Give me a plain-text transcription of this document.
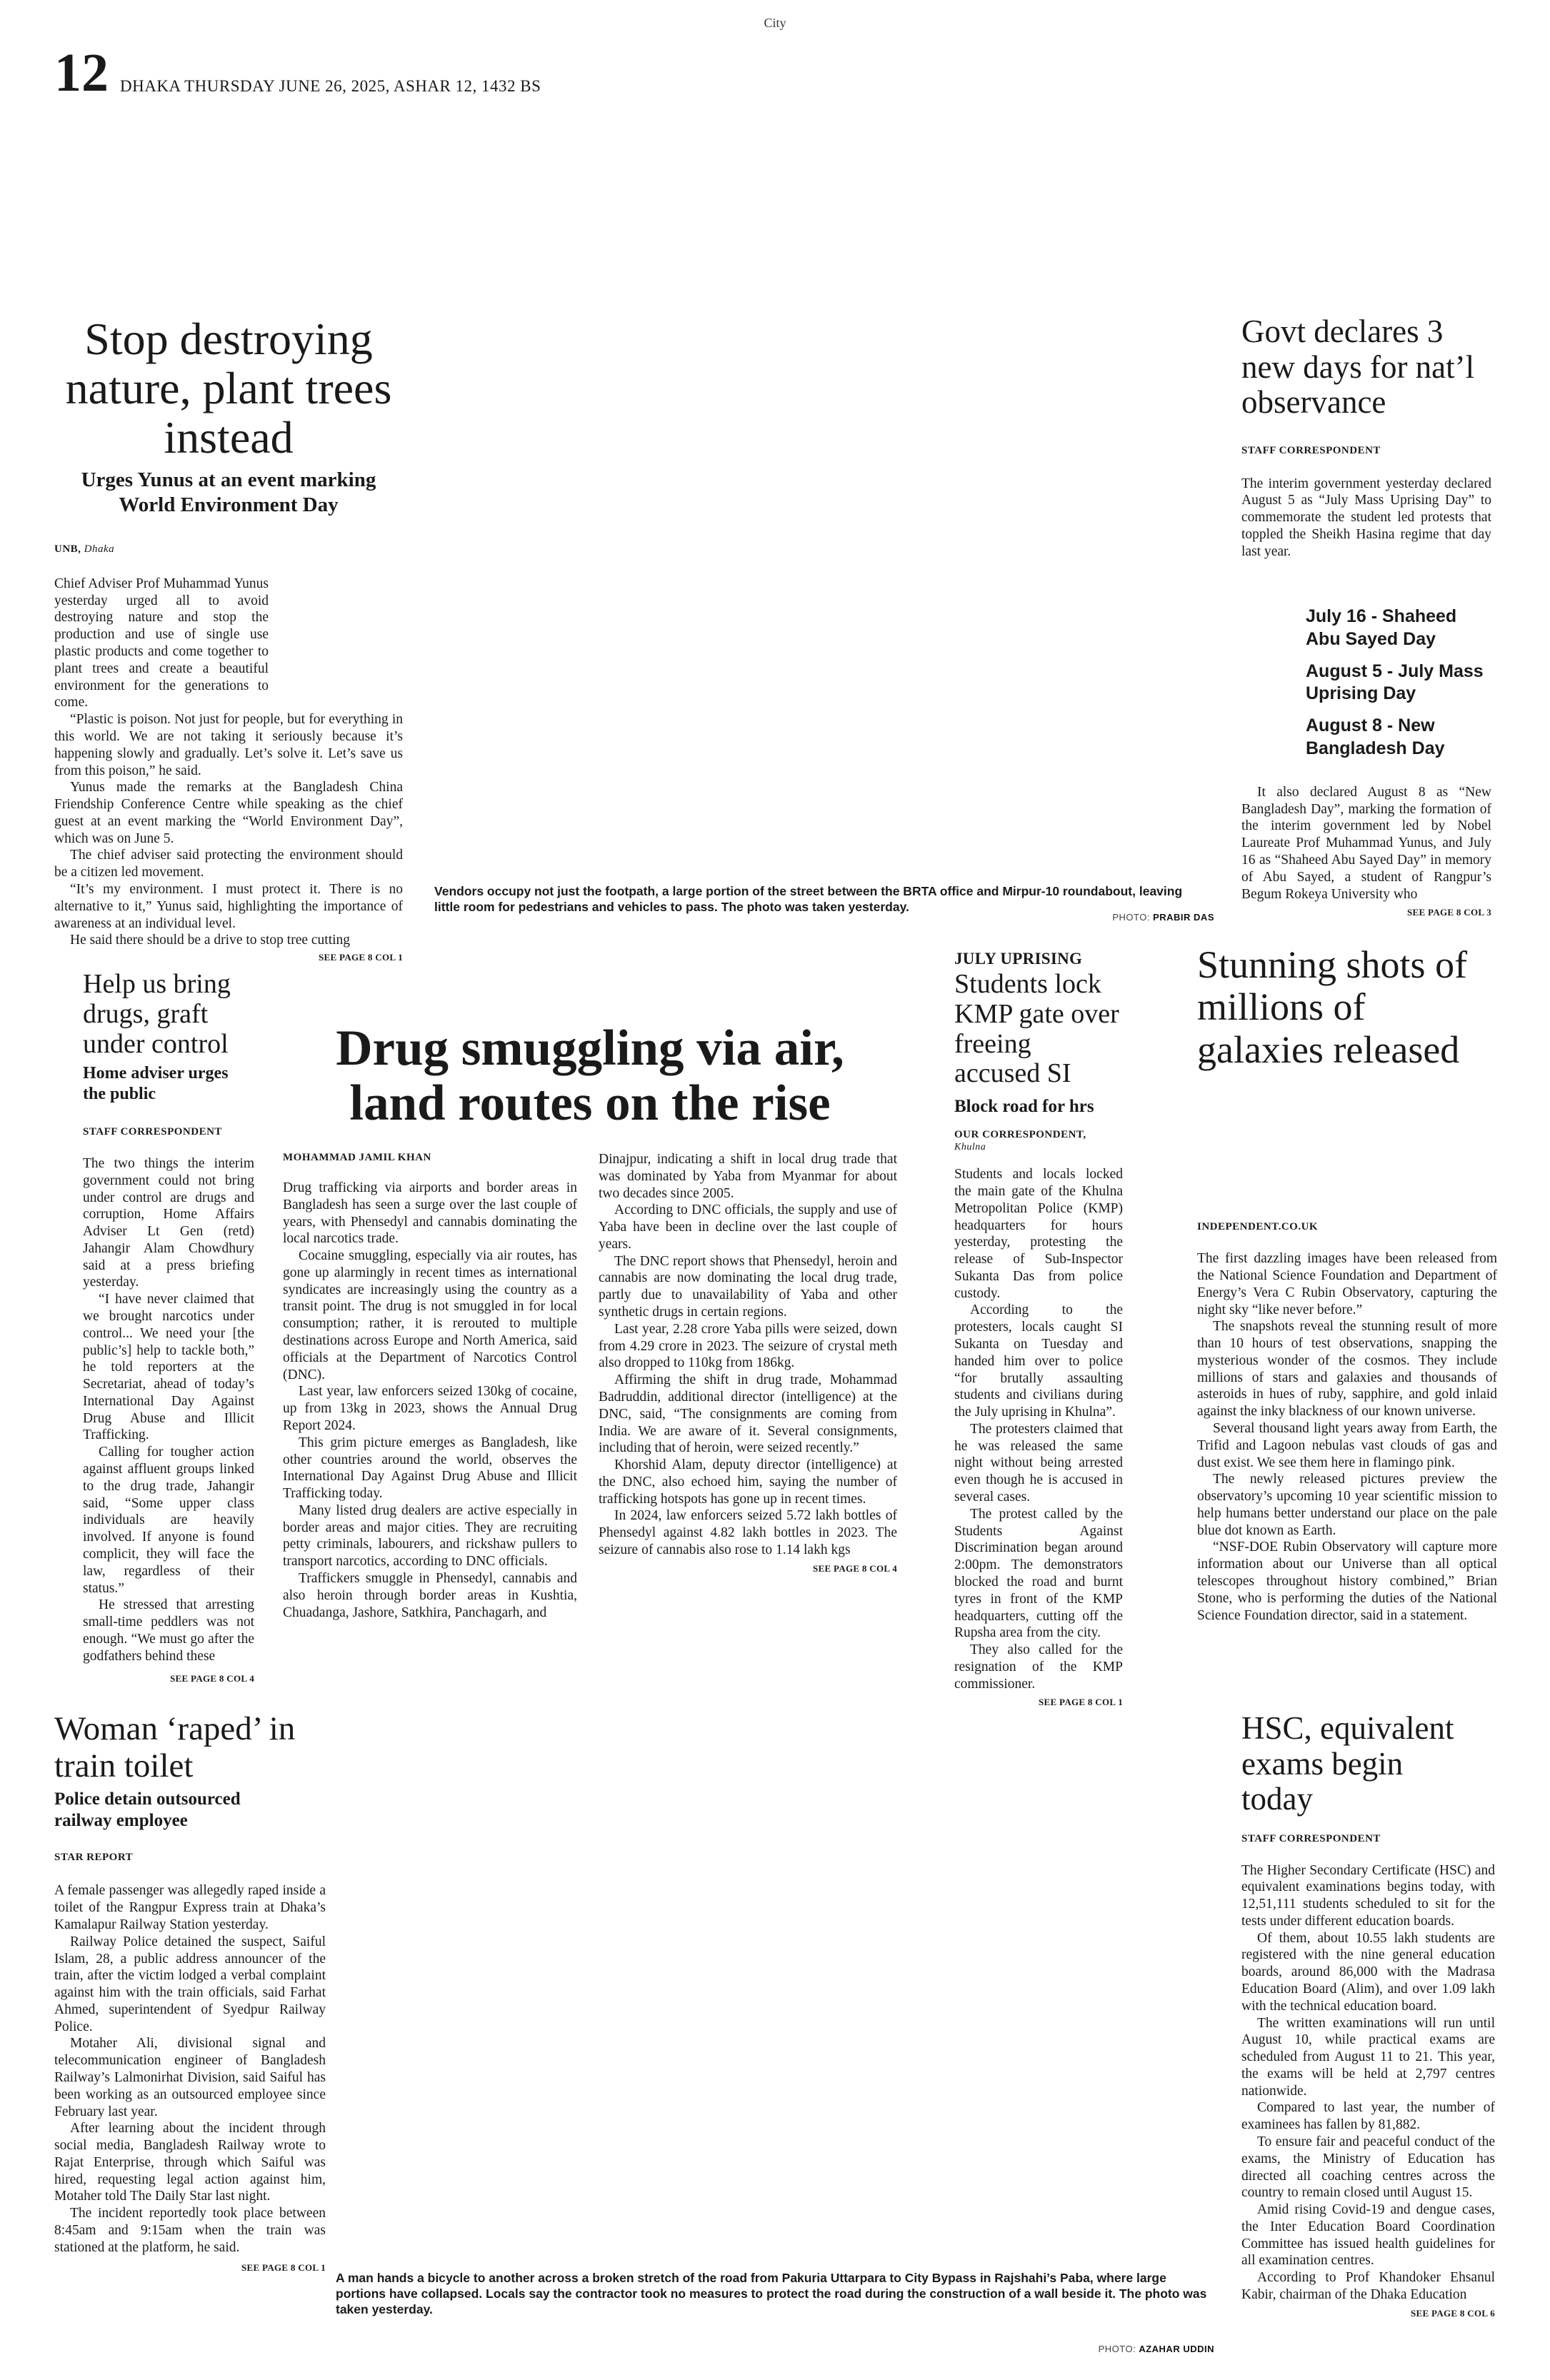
City
12 DHAKA THURSDAY JUNE 26, 2025, ASHAR 12, 1432 BS
Stop destroying nature, plant trees instead
Urges Yunus at an event marking World Environment Day
UNB, Dhaka

Chief Adviser Prof Muhammad Yunus yesterday urged all to avoid destroying nature and stop the production and use of single use plastic products and come together to plant trees and create a beautiful environment for the generations to come.

“Plastic is poison. Not just for people, but for everything in this world. We are not taking it seriously because it’s happening slowly and gradually. Let’s solve it. Let’s save us from this poison,” he said.

Yunus made the remarks at the Bangladesh China Friendship Conference Centre while speaking as the chief guest at an event marking the “World Environment Day”, which was on June 5.

The chief adviser said protecting the environment should be a citizen led movement.

“It’s my environment. I must protect it. There is no alternative to it,” Yunus said, highlighting the importance of awareness at an individual level.

He said there should be a drive to stop tree cutting

SEE PAGE 8 COL 1
Vendors occupy not just the footpath, a large portion of the street between the BRTA office and Mirpur-10 roundabout, leaving little room for pedestrians and vehicles to pass. The photo was taken yesterday.
PHOTO: PRABIR DAS
Govt declares 3 new days for nat’l observance
STAFF CORRESPONDENT

The interim government yesterday declared August 5 as “July Mass Uprising Day” to commemorate the student led protests that toppled the Sheikh Hasina regime that day last year.

July 16 - Shaheed Abu Sayed Day
August 5 - July Mass Uprising Day
August 8 - New Bangladesh Day

It also declared August 8 as “New Bangladesh Day”, marking the formation of the interim government led by Nobel Laureate Prof Muhammad Yunus, and July 16 as “Shaheed Abu Sayed Day” in memory of Abu Sayed, a student of Rangpur’s Begum Rokeya University who

SEE PAGE 8 COL 3
Help us bring drugs, graft under control
Home adviser urges the public
STAFF CORRESPONDENT

The two things the interim government could not bring under control are drugs and corruption, Home Affairs Adviser Lt Gen (retd) Jahangir Alam Chowdhury said at a press briefing yesterday.

“I have never claimed that we brought narcotics under control... We need your [the public’s] help to tackle both,” he told reporters at the Secretariat, ahead of today’s International Day Against Drug Abuse and Illicit Trafficking.

Calling for tougher action against affluent groups linked to the drug trade, Jahangir said, “Some upper class individuals are heavily involved. If anyone is found complicit, they will face the law, regardless of their status.”

He stressed that arresting small-time peddlers was not enough. “We must go after the godfathers behind these

SEE PAGE 8 COL 4
Drug smuggling via air, land routes on the rise
MOHAMMAD JAMIL KHAN

Drug trafficking via airports and border areas in Bangladesh has seen a surge over the last couple of years, with Phensedyl and cannabis dominating the local narcotics trade.

Cocaine smuggling, especially via air routes, has gone up alarmingly in recent times as international syndicates are increasingly using the country as a transit point. The drug is not smuggled in for local consumption; rather, it is rerouted to multiple destinations across Europe and North America, said officials at the Department of Narcotics Control (DNC).

Last year, law enforcers seized 130kg of cocaine, up from 13kg in 2023, shows the Annual Drug Report 2024.

This grim picture emerges as Bangladesh, like other countries around the world, observes the International Day Against Drug Abuse and Illicit Trafficking today.

Many listed drug dealers are active especially in border areas and major cities. They are recruiting petty criminals, labourers, and rickshaw pullers to transport narcotics, according to DNC officials.

Traffickers smuggle in Phensedyl, cannabis and also heroin through border areas in Kushtia, Chuadanga, Jashore, Satkhira, Panchagarh, and

Dinajpur, indicating a shift in local drug trade that was dominated by Yaba from Myanmar for about two decades since 2005.

According to DNC officials, the supply and use of Yaba have been in decline over the last couple of years.

The DNC report shows that Phensedyl, heroin and cannabis are now dominating the local drug trade, partly due to unavailability of Yaba and other synthetic drugs in certain regions.

Last year, 2.28 crore Yaba pills were seized, down from 4.29 crore in 2023. The seizure of crystal meth also dropped to 110kg from 186kg.

Affirming the shift in drug trade, Mohammad Badruddin, additional director (intelligence) at the DNC, said, “The consignments are coming from India. We are aware of it. Several consignments, including that of heroin, were seized recently.”

Khorshid Alam, deputy director (intelligence) at the DNC, also echoed him, saying the number of trafficking hotspots has gone up in recent times.

In 2024, law enforcers seized 5.72 lakh bottles of Phensedyl against 4.82 lakh bottles in 2023. The seizure of cannabis also rose to 1.14 lakh kgs

SEE PAGE 8 COL 4
JULY UPRISING
Students lock KMP gate over freeing accused SI
Block road for hrs
OUR CORRESPONDENT,
Khulna

Students and locals locked the main gate of the Khulna Metropolitan Police (KMP) headquarters for hours yesterday, protesting the release of Sub-Inspector Sukanta Das from police custody.

According to the protesters, locals caught SI Sukanta on Tuesday and handed him over to police “for brutally assaulting students and civilians during the July uprising in Khulna”.

The protesters claimed that he was released the same night without being arrested even though he is accused in several cases.

The protest called by the Students Against Discrimination began around 2:00pm. The demonstrators blocked the road and burnt tyres in front of the KMP headquarters, cutting off the Rupsha area from the city.

They also called for the resignation of the KMP commissioner.

SEE PAGE 8 COL 1
Stunning shots of millions of galaxies released
INDEPENDENT.CO.UK

The first dazzling images have been released from the National Science Foundation and Department of Energy’s Vera C Rubin Observatory, capturing the night sky “like never before.”

The snapshots reveal the stunning result of more than 10 hours of test observations, snapping the mysterious wonder of the cosmos. They include millions of stars and galaxies and thousands of asteroids in hues of ruby, sapphire, and gold inlaid against the inky blackness of our known universe.

Several thousand light years away from Earth, the Trifid and Lagoon nebulas vast clouds of gas and dust exist. We see them here in flamingo pink.

The newly released pictures preview the observatory’s upcoming 10 year scientific mission to help humans better understand our place on the pale blue dot known as Earth.

“NSF-DOE Rubin Observatory will capture more information about our Universe than all optical telescopes throughout history combined,” Brian Stone, who is performing the duties of the National Science Foundation director, said in a statement.

Woman ‘raped’ in train toilet
Police detain outsourced railway employee
STAR REPORT

A female passenger was allegedly raped inside a toilet of the Rangpur Express train at Dhaka’s Kamalapur Railway Station yesterday.

Railway Police detained the suspect, Saiful Islam, 28, a public address announcer of the train, after the victim lodged a verbal complaint against him with the train officials, said Farhat Ahmed, superintendent of Syedpur Railway Police.

Motaher Ali, divisional signal and telecommunication engineer of Bangladesh Railway’s Lalmonirhat Division, said Saiful has been working as an outsourced employee since February last year.

After learning about the incident through social media, Bangladesh Railway wrote to Rajat Enterprise, through which Saiful was hired, requesting legal action against him, Motaher told The Daily Star last night.

The incident reportedly took place between 8:45am and 9:15am when the train was stationed at the platform, he said.

SEE PAGE 8 COL 1
A man hands a bicycle to another across a broken stretch of the road from Pakuria Uttarpara to City Bypass in Rajshahi’s Paba, where large portions have collapsed. Locals say the contractor took no measures to protect the road during the construction of a wall beside it. The photo was taken yesterday.
PHOTO: AZAHAR UDDIN
HSC, equivalent exams begin today
STAFF CORRESPONDENT

The Higher Secondary Certificate (HSC) and equivalent examinations begins today, with 12,51,111 students scheduled to sit for the tests under different education boards.

Of them, about 10.55 lakh students are registered with the nine general education boards, around 86,000 with the Madrasa Education Board (Alim), and over 1.09 lakh with the technical education board.

The written examinations will run until August 10, while practical exams are scheduled from August 11 to 21. This year, the exams will be held at 2,797 centres nationwide.

Compared to last year, the number of examinees has fallen by 81,882.

To ensure fair and peaceful conduct of the exams, the Ministry of Education has directed all coaching centres across the country to remain closed until August 15.

Amid rising Covid-19 and dengue cases, the Inter Education Board Coordination Committee has issued health guidelines for all examination centres.

According to Prof Khandoker Ehsanul Kabir, chairman of the Dhaka Education

SEE PAGE 8 COL 6
